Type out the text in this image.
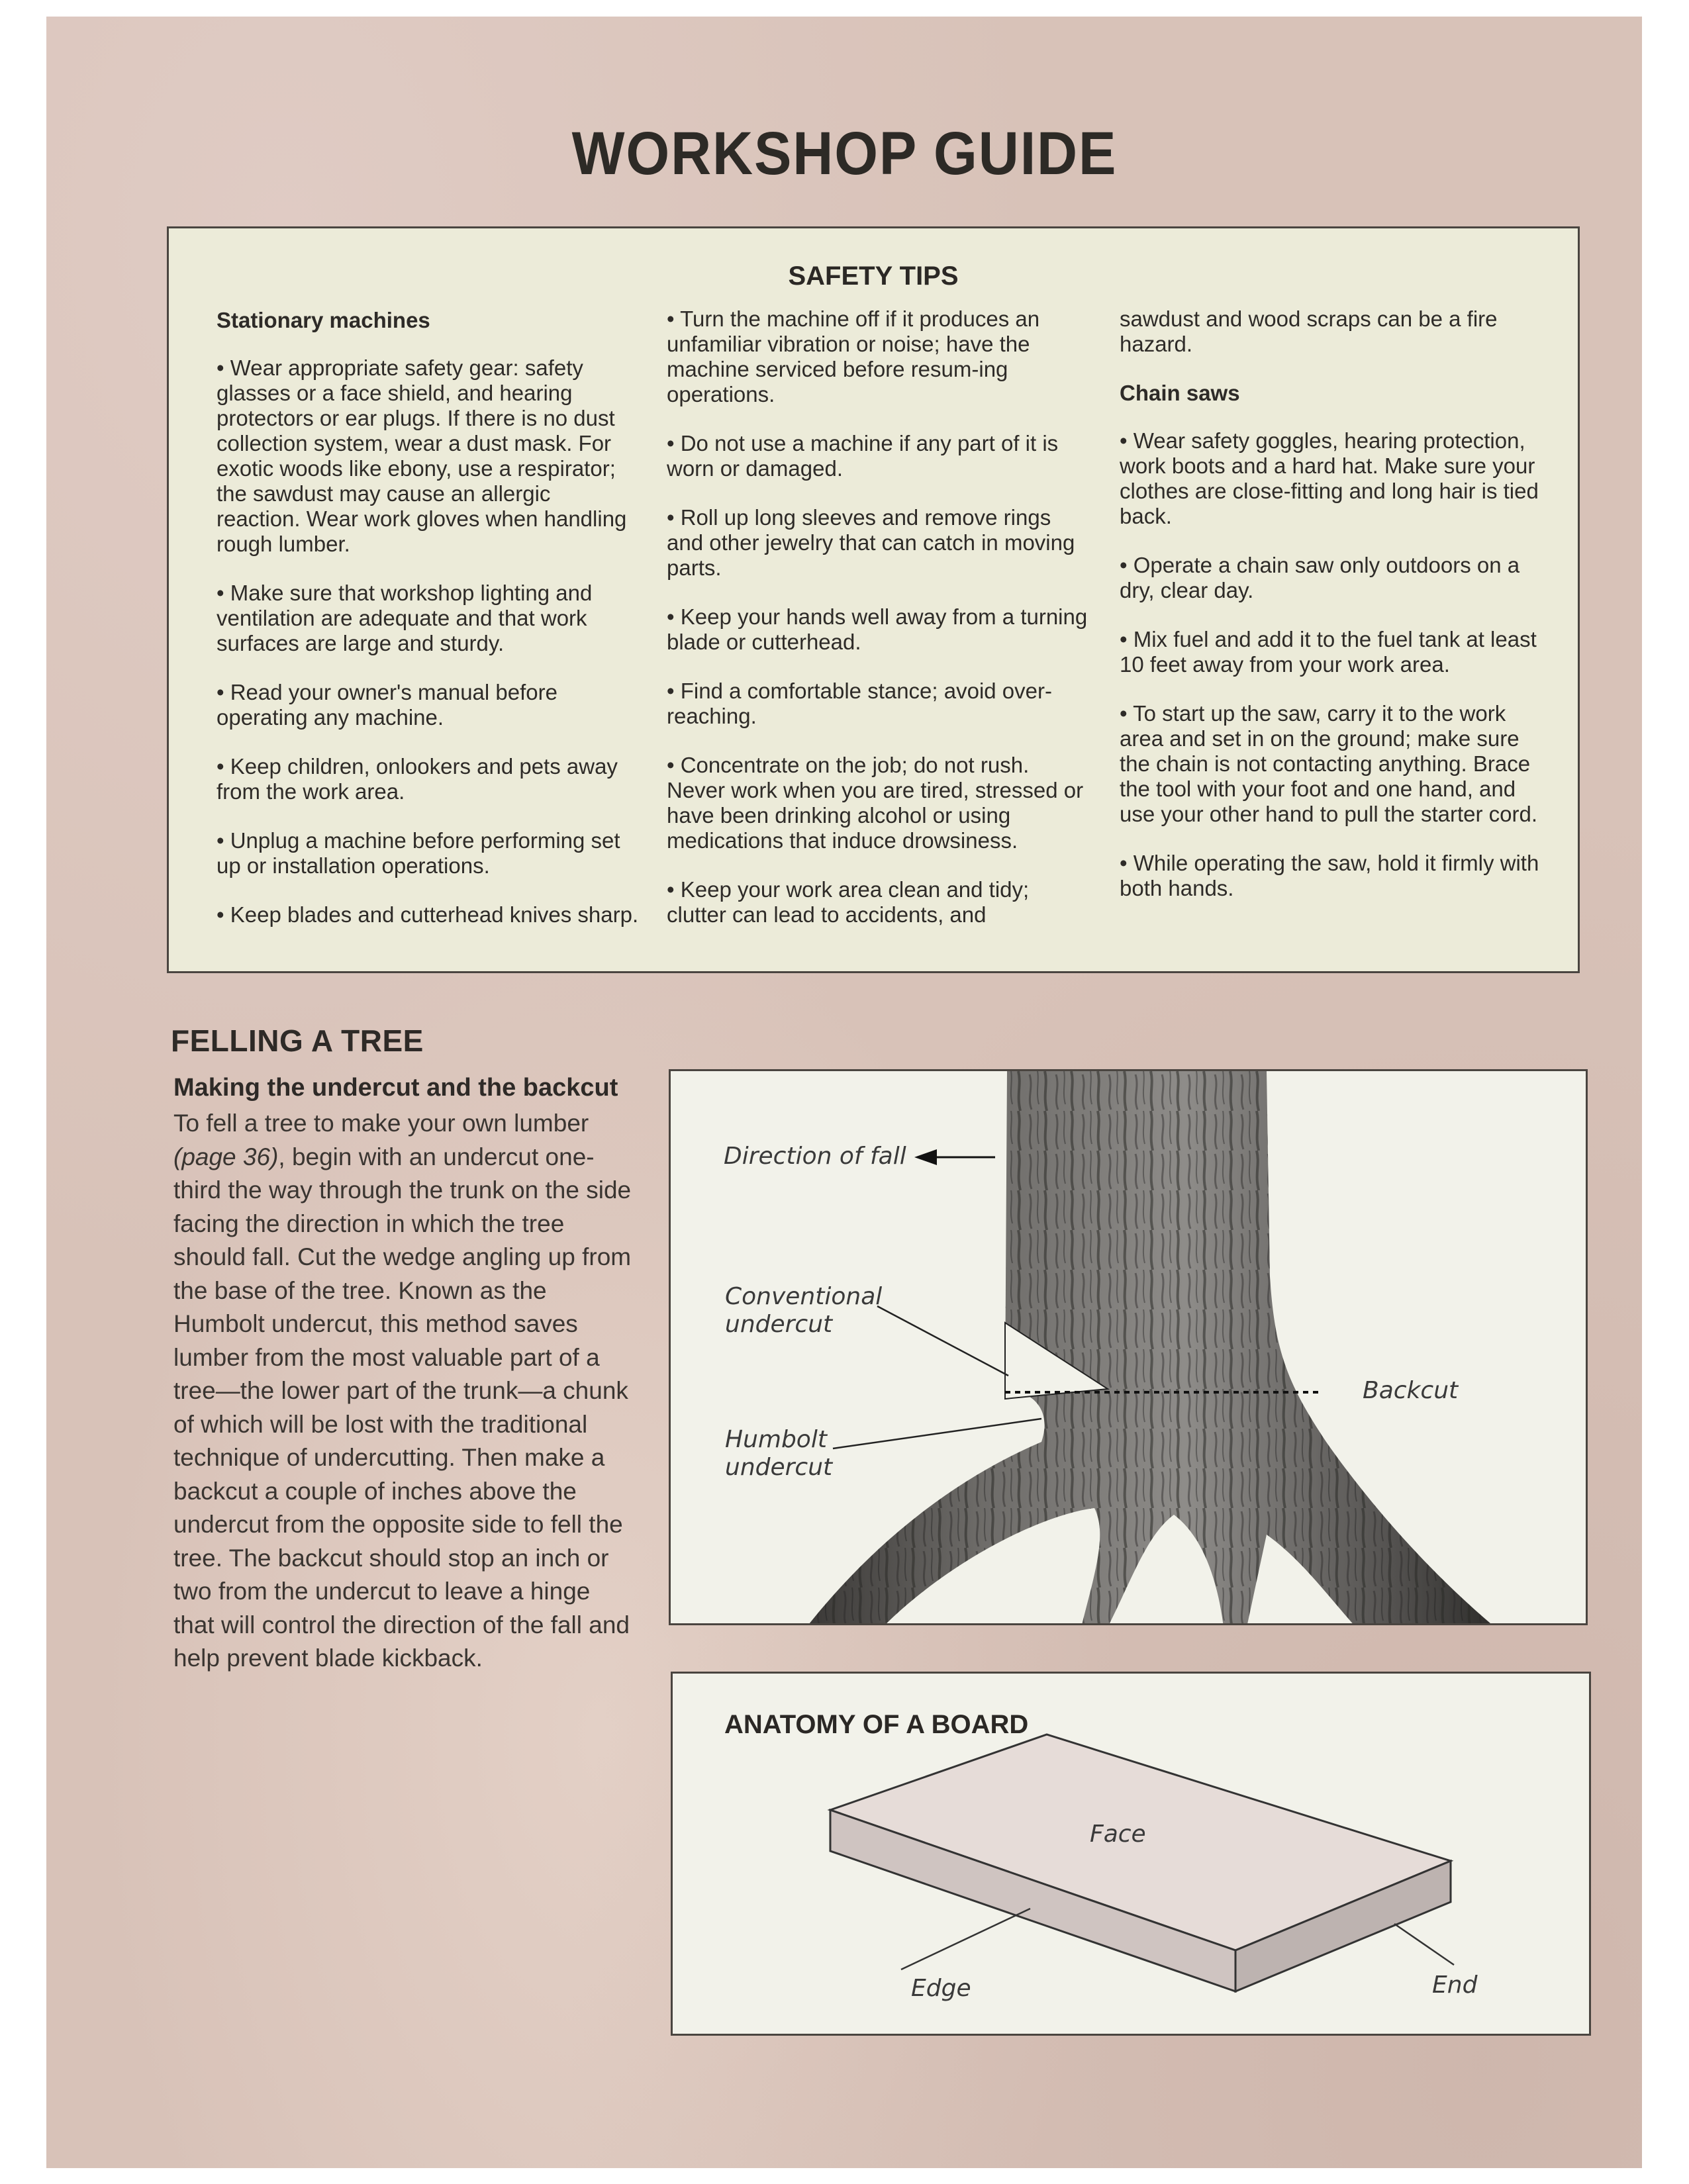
WORKSHOP GUIDE
SAFETY TIPS

Stationary machines

• Wear appropriate safety gear: safety glasses or a face shield, and hearing protectors or ear plugs. If there is no dust collection system, wear a dust mask. For exotic woods like ebony, use a respirator; the sawdust may cause an allergic reaction. Wear work gloves when handling rough lumber.

• Make sure that workshop lighting and ventilation are adequate and that work surfaces are large and sturdy.

• Read your owner's manual before operating any machine.

• Keep children, onlookers and pets away from the work area.

• Unplug a machine before performing set up or installation operations.

• Keep blades and cutterhead knives sharp.

• Turn the machine off if it produces an unfamiliar vibration or noise; have the machine serviced before resum-ing operations.

• Do not use a machine if any part of it is worn or damaged.

• Roll up long sleeves and remove rings and other jewelry that can catch in moving parts.

• Keep your hands well away from a turning blade or cutterhead.

• Find a comfortable stance; avoid over-reaching.

• Concentrate on the job; do not rush. Never work when you are tired, stressed or have been drinking alcohol or using medications that induce drowsiness.

• Keep your work area clean and tidy; clutter can lead to accidents, and

sawdust and wood scraps can be a fire hazard.

Chain saws

• Wear safety goggles, hearing protection, work boots and a hard hat. Make sure your clothes are close-fitting and long hair is tied back.

• Operate a chain saw only outdoors on a dry, clear day.

• Mix fuel and add it to the fuel tank at least 10 feet away from your work area.

• To start up the saw, carry it to the work area and set in on the ground; make sure the chain is not contacting anything. Brace the tool with your foot and one hand, and use your other hand to pull the starter cord.

• While operating the saw, hold it firmly with both hands.

FELLING A TREE
Making the undercut and the backcut
To fell a tree to make your own lumber (page 36), begin with an undercut one-third the way through the trunk on the side facing the direction in which the tree should fall. Cut the wedge angling up from the base of the tree. Known as the Humbolt undercut, this method saves lumber from the most valuable part of a tree—the lower part of the trunk—a chunk of which will be lost with the traditional technique of undercutting. Then make a backcut a couple of inches above the undercut from the opposite side to fell the tree. The backcut should stop an inch or two from the undercut to leave a hinge that will control the direction of the fall and help prevent blade kickback.
Direction of fall
Conventional
undercut
Humbolt
undercut
Backcut
ANATOMY OF A BOARD
Face
Edge	End
